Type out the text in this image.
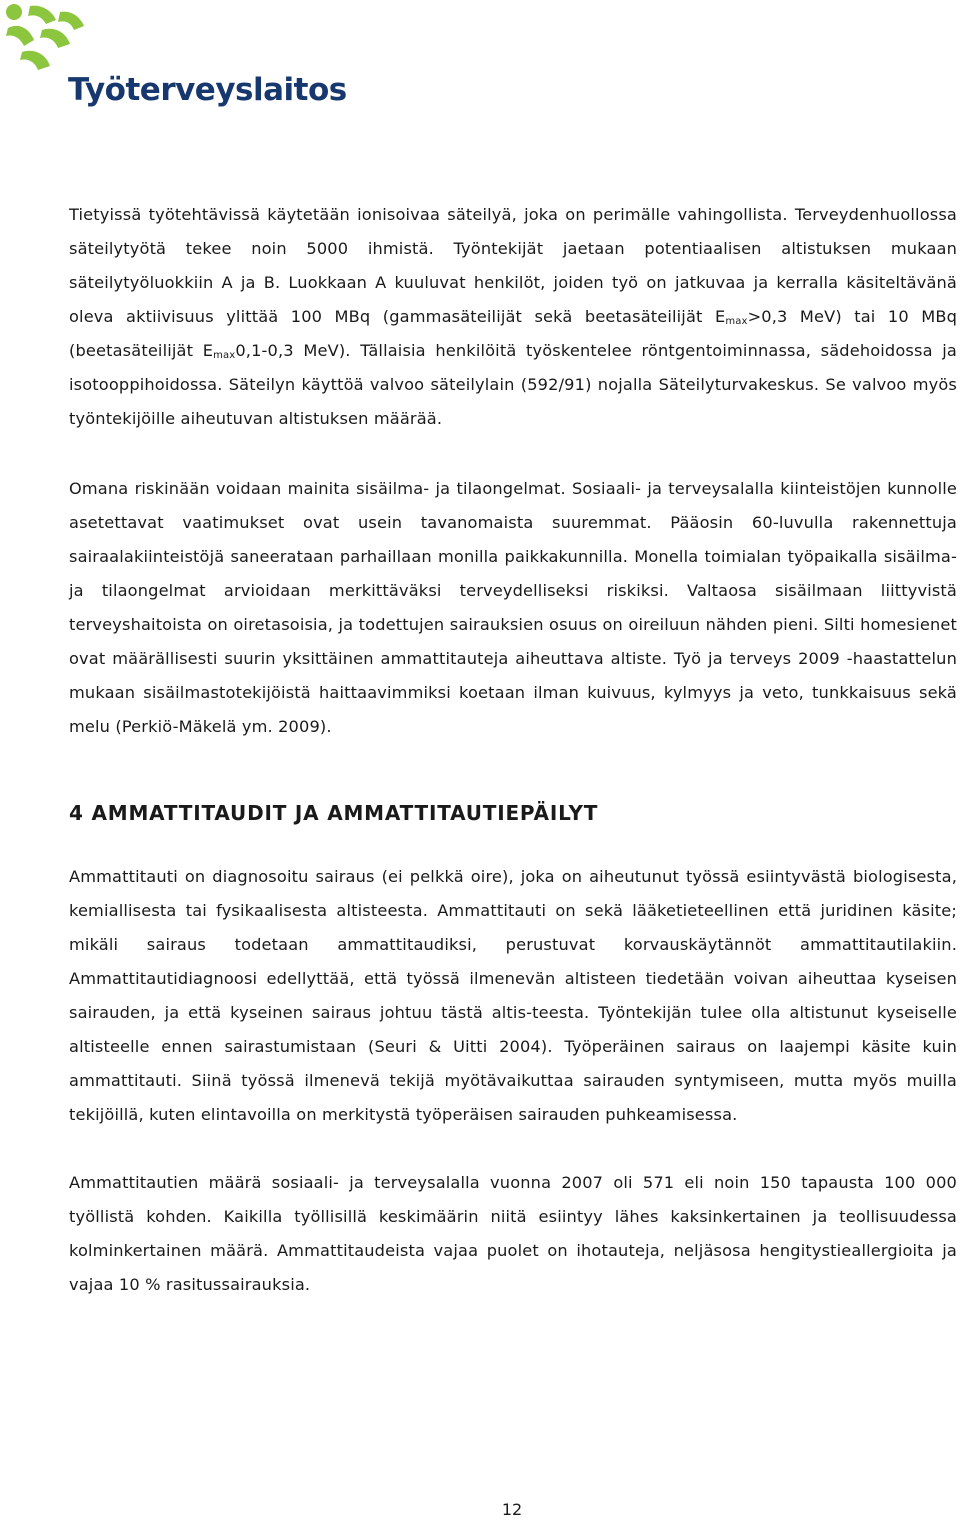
Työterveyslaitos

Tietyissä työtehtävissä käytetään ionisoivaa säteilyä, joka on perimälle vahingollista. Terveydenhuollossa säteilytyötä tekee noin 5000 ihmistä. Työntekijät jaetaan potentiaalisen altistuksen mukaan säteilytyöluokkiin A ja B. Luokkaan A kuuluvat henkilöt, joiden työ on jatkuvaa ja kerralla käsiteltävänä oleva aktiivisuus ylittää 100 MBq (gammasäteilijät sekä beetasäteilijät $E_{max}>0,3$ MeV) tai 10 MBq (beetasäteilijät $E_{max}0,1-0,3$ MeV). Tällaisia henkilöitä työskentelee röntgentoiminnassa, sädehoidossa ja isotooppihoidossa. Säteilyn käyttöä valvoo säteilylain (592/91) nojalla Säteilyturvakeskus. Se valvoo myös työntekijöille aiheutuvan altistuksen määrää.

Omana riskinään voidaan mainita sisäilma- ja tilaongelmat. Sosiaali- ja terveysalalla kiinteistöjen kunnolle asetettavat vaatimukset ovat usein tavanomaista suuremmat. Pääosin 60-luvulla rakennettuja sairaalakiinteistöjä saneerataan parhaillaan monilla paikkakunnilla. Monella toimialan työpaikalla sisäilma- ja tilaongelmat arvioidaan merkittäväksi terveydelliseksi riskiksi. Valtaosa sisäilmaan liittyvistä terveyshaitoista on oiretasoisia, ja todettujen sairauksien osuus on oireiluun nähden pieni. Silti homesienet ovat määrällisesti suurin yksittäinen ammattitauteja aiheuttava altiste. Työ ja terveys 2009 -haastattelun mukaan sisäilmastotekijöistä haittaavimmiksi koetaan ilman kuivuus, kylmyys ja veto, tunkkaisuus sekä melu (Perkiö-Mäkelä ym. 2009).

4 AMMATTITAUDIT JA AMMATTITAUTIEPÄILYT

Ammattitauti on diagnosoitu sairaus (ei pelkkä oire), joka on aiheutunut työssä esiintyvästä biologisesta, kemiallisesta tai fysikaalisesta altisteesta. Ammattitauti on sekä lääketieteellinen että juridinen käsite; mikäli sairaus todetaan ammattitaudiksi, perustuvat korvauskäytännöt ammattitautilakiin. Ammattitautidiagnoosi edellyttää, että työssä ilmenevän altisteen tiedetään voivan aiheuttaa kyseisen sairauden, ja että kyseinen sairaus johtuu tästä altis-teesta. Työntekijän tulee olla altistunut kyseiselle altisteelle ennen sairastumistaan (Seuri & Uitti 2004). Työperäinen sairaus on laajempi käsite kuin ammattitauti. Siinä työssä ilmenevä tekijä myötävaikuttaa sairauden syntymiseen, mutta myös muilla tekijöillä, kuten elintavoilla on merkitystä työperäisen sairauden puhkeamisessa.

Ammattitautien määrä sosiaali- ja terveysalalla vuonna 2007 oli 571 eli noin 150 tapausta 100 000 työllistä kohden. Kaikilla työllisillä keskimäärin niitä esiintyy lähes kaksinkertainen ja teollisuudessa kolminkertainen määrä. Ammattitaudeista vajaa puolet on ihotauteja, neljäsosa hengitystieallergioita ja vajaa 10 % rasitussairauksia.

12
